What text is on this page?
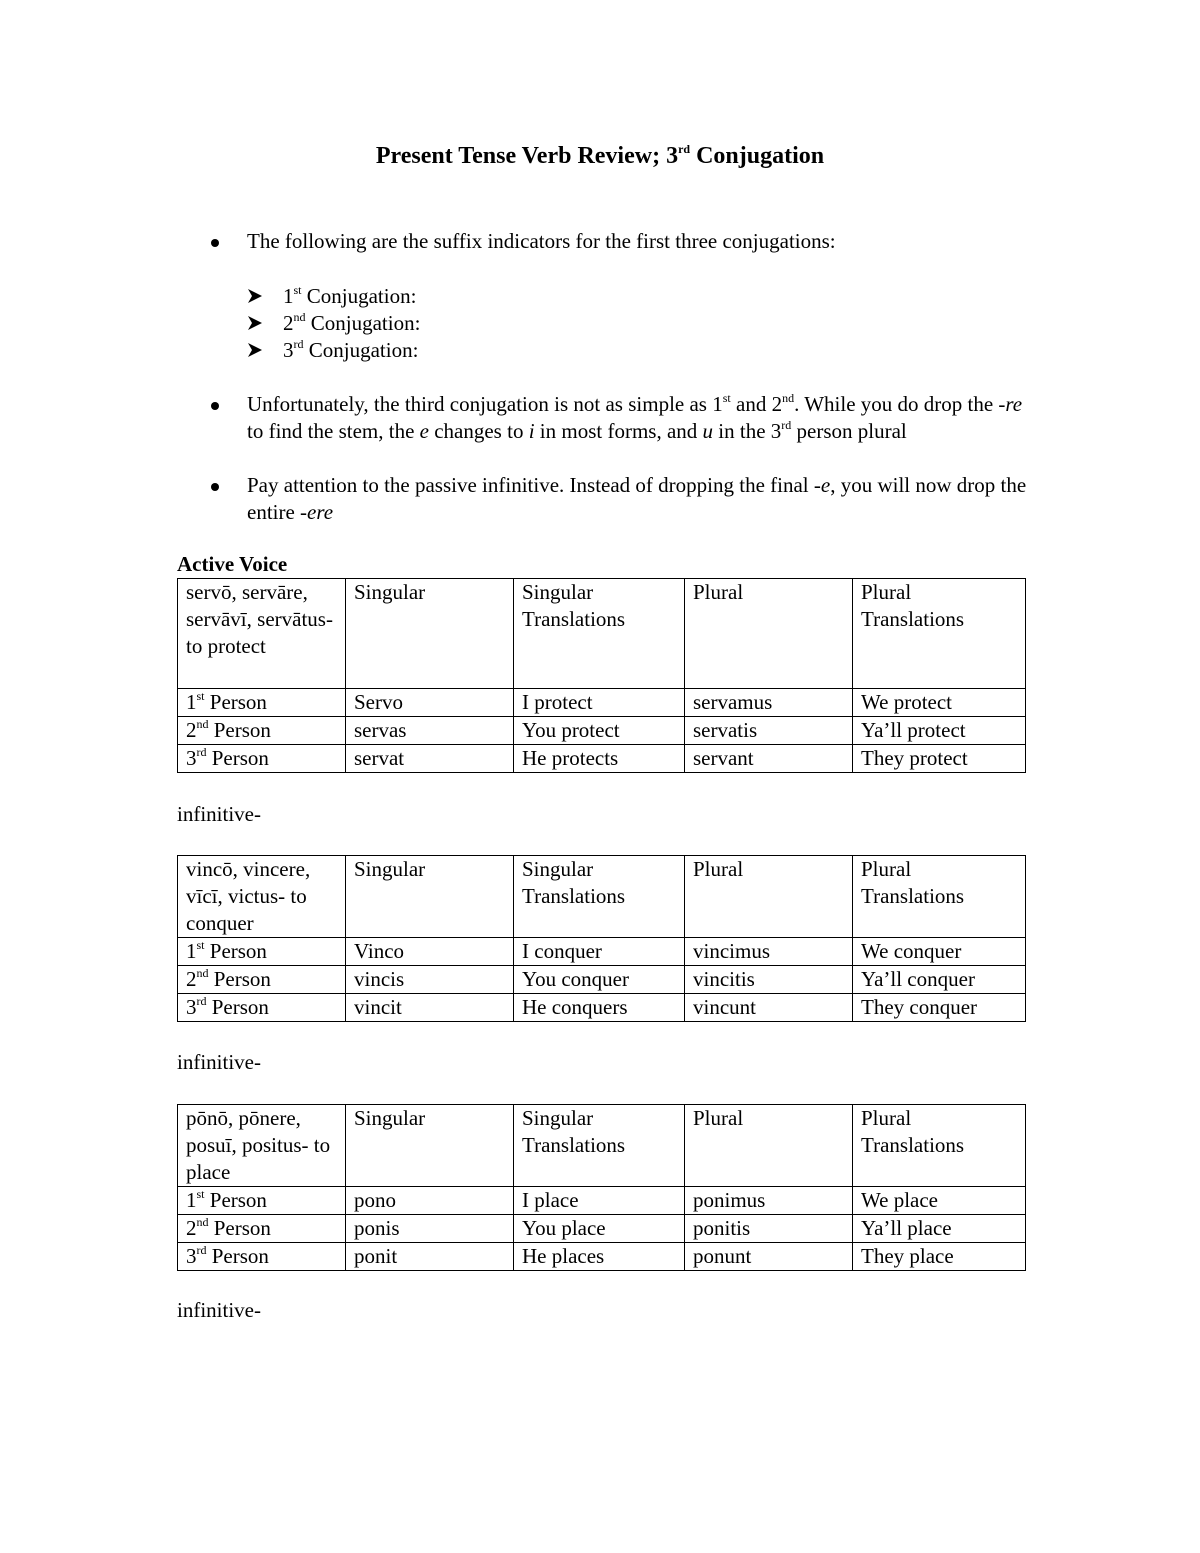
Present Tense Verb Review; 3rd Conjugation
The following are the suffix indicators for the first three conjugations:
1st Conjugation:
2nd Conjugation:
3rd Conjugation:
Unfortunately, the third conjugation is not as simple as 1st and 2nd. While you do drop the -re to find the stem, the e changes to i in most forms, and u in the 3rd person plural
Pay attention to the passive infinitive. Instead of dropping the final -e, you will now drop the entire -ere
Active Voice
servō, servāre, servāvī, servātus- to protect	Singular	Singular Translations	Plural	Plural Translations
1st Person	Servo	I protect	servamus	We protect
2nd Person	servas	You protect	servatis	Ya’ll protect
3rd Person	servat	He protects	servant	They protect
infinitive-
vincō, vincere, vīcī, victus- to conquer	Singular	Singular Translations	Plural	Plural Translations
1st Person	Vinco	I conquer	vincimus	We conquer
2nd Person	vincis	You conquer	vincitis	Ya’ll conquer
3rd Person	vincit	He conquers	vincunt	They conquer
infinitive-
pōnō, pōnere, posuī, positus- to place	Singular	Singular Translations	Plural	Plural Translations
1st Person	pono	I place	ponimus	We place
2nd Person	ponis	You place	ponitis	Ya’ll place
3rd Person	ponit	He places	ponunt	They place
infinitive-
